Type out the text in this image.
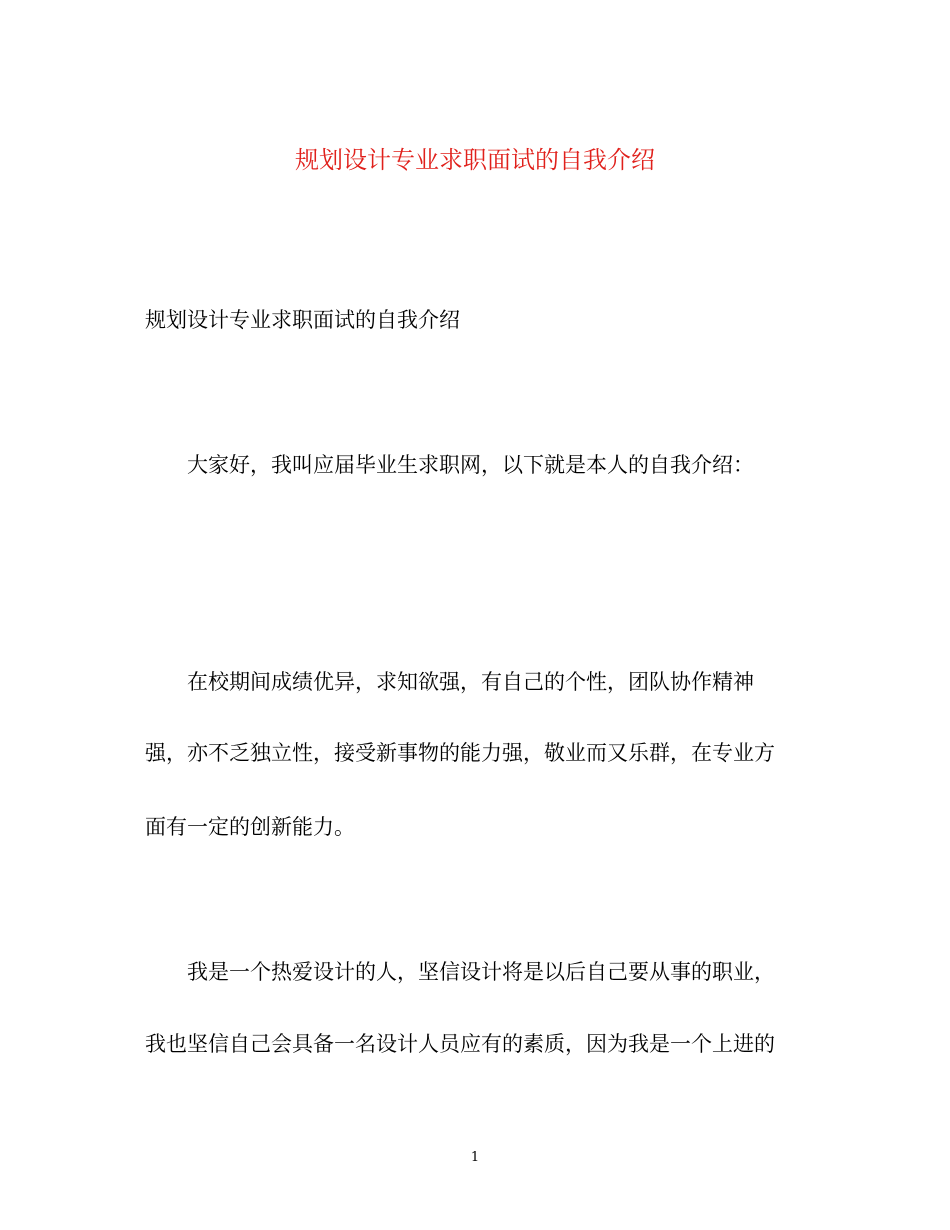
规划设计专业求职面试的自我介绍
规划设计专业求职面试的自我介绍
大家好，我叫应届毕业生求职网，以下就是本人的自我介绍：
在校期间成绩优异，求知欲强，有自己的个性，团队协作精神
强，亦不乏独立性，接受新事物的能力强，敬业而又乐群，在专业方
面有一定的创新能力。
我是一个热爱设计的人，坚信设计将是以后自己要从事的职业，
我也坚信自己会具备一名设计人员应有的素质，因为我是一个上进的
1
